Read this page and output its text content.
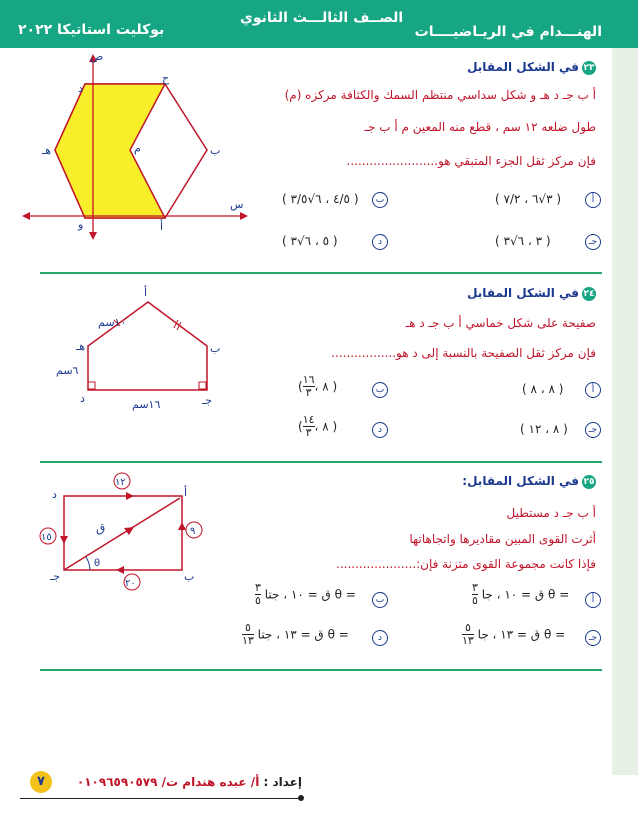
الهنـــدام في الريـاضيــــات
الصــف الثالـــث الثانوي
بوكليت استاتيكا ٢٠٢٢
٢٣في الشكل المقابل
أ ب جـ د هـ و شكل سداسي منتظم السمك والكثافة مركزه (م)
طول ضلعه ١٢ سم ، قطع منه المعين م أ ب جـ
فإن مركز ثقل الجزء المتبقي هو........................
أ
( ٣√٦ ، ٧/٢ )
ب
( ٤/٥ ، ٦√٣/٥ )
جـ
( ٣ ، ٦√٣ )
د
( ٥ ، ٦√٣ )
ص
س
ح
د
هـ	م	ب
و	أ
٢٤في الشكل المقابل
صفيحة على شكل خماسي أ ب جـ د هـ
فإن مركز ثقل الصفيحة بالنسبة إلى د هو.................
أ
( ٨ ، ٨ )
ب
( $\frac{١٦}{٣}$ ، ٨ )
جـ
( ٨ ، ١٢ )
د
( $\frac{١٤}{٣}$ ، ٨ )
أ
ب
جـ
د
هـ
١٠سم
٦سم
١٦سم
٢٥في الشكل المقابل:
أ ب جـ د مستطيل
أثرت القوى المبين مقاديرها واتجاهاتها
فإذا كانت مجموعة القوى متزنة فإن:.....................
أ
$\frac{٣}{٥}$ ق = ١٠ ، جا θ =
ب
$\frac{٣}{٥}$ ق = ١٠ ، جتا θ =
جـ
$\frac{٥}{١٣}$ ق = ١٣ ، جا θ =
د
$\frac{٥}{١٣}$ ق = ١٣ ، جتا θ =
θ
د	أ
ب
جـ
ق
١٢
١٥
٩
٢٠
إعداد : أ/ عبده هندام ت/ ٠١٠٩٦٥٩٠٥٧٩
٧
